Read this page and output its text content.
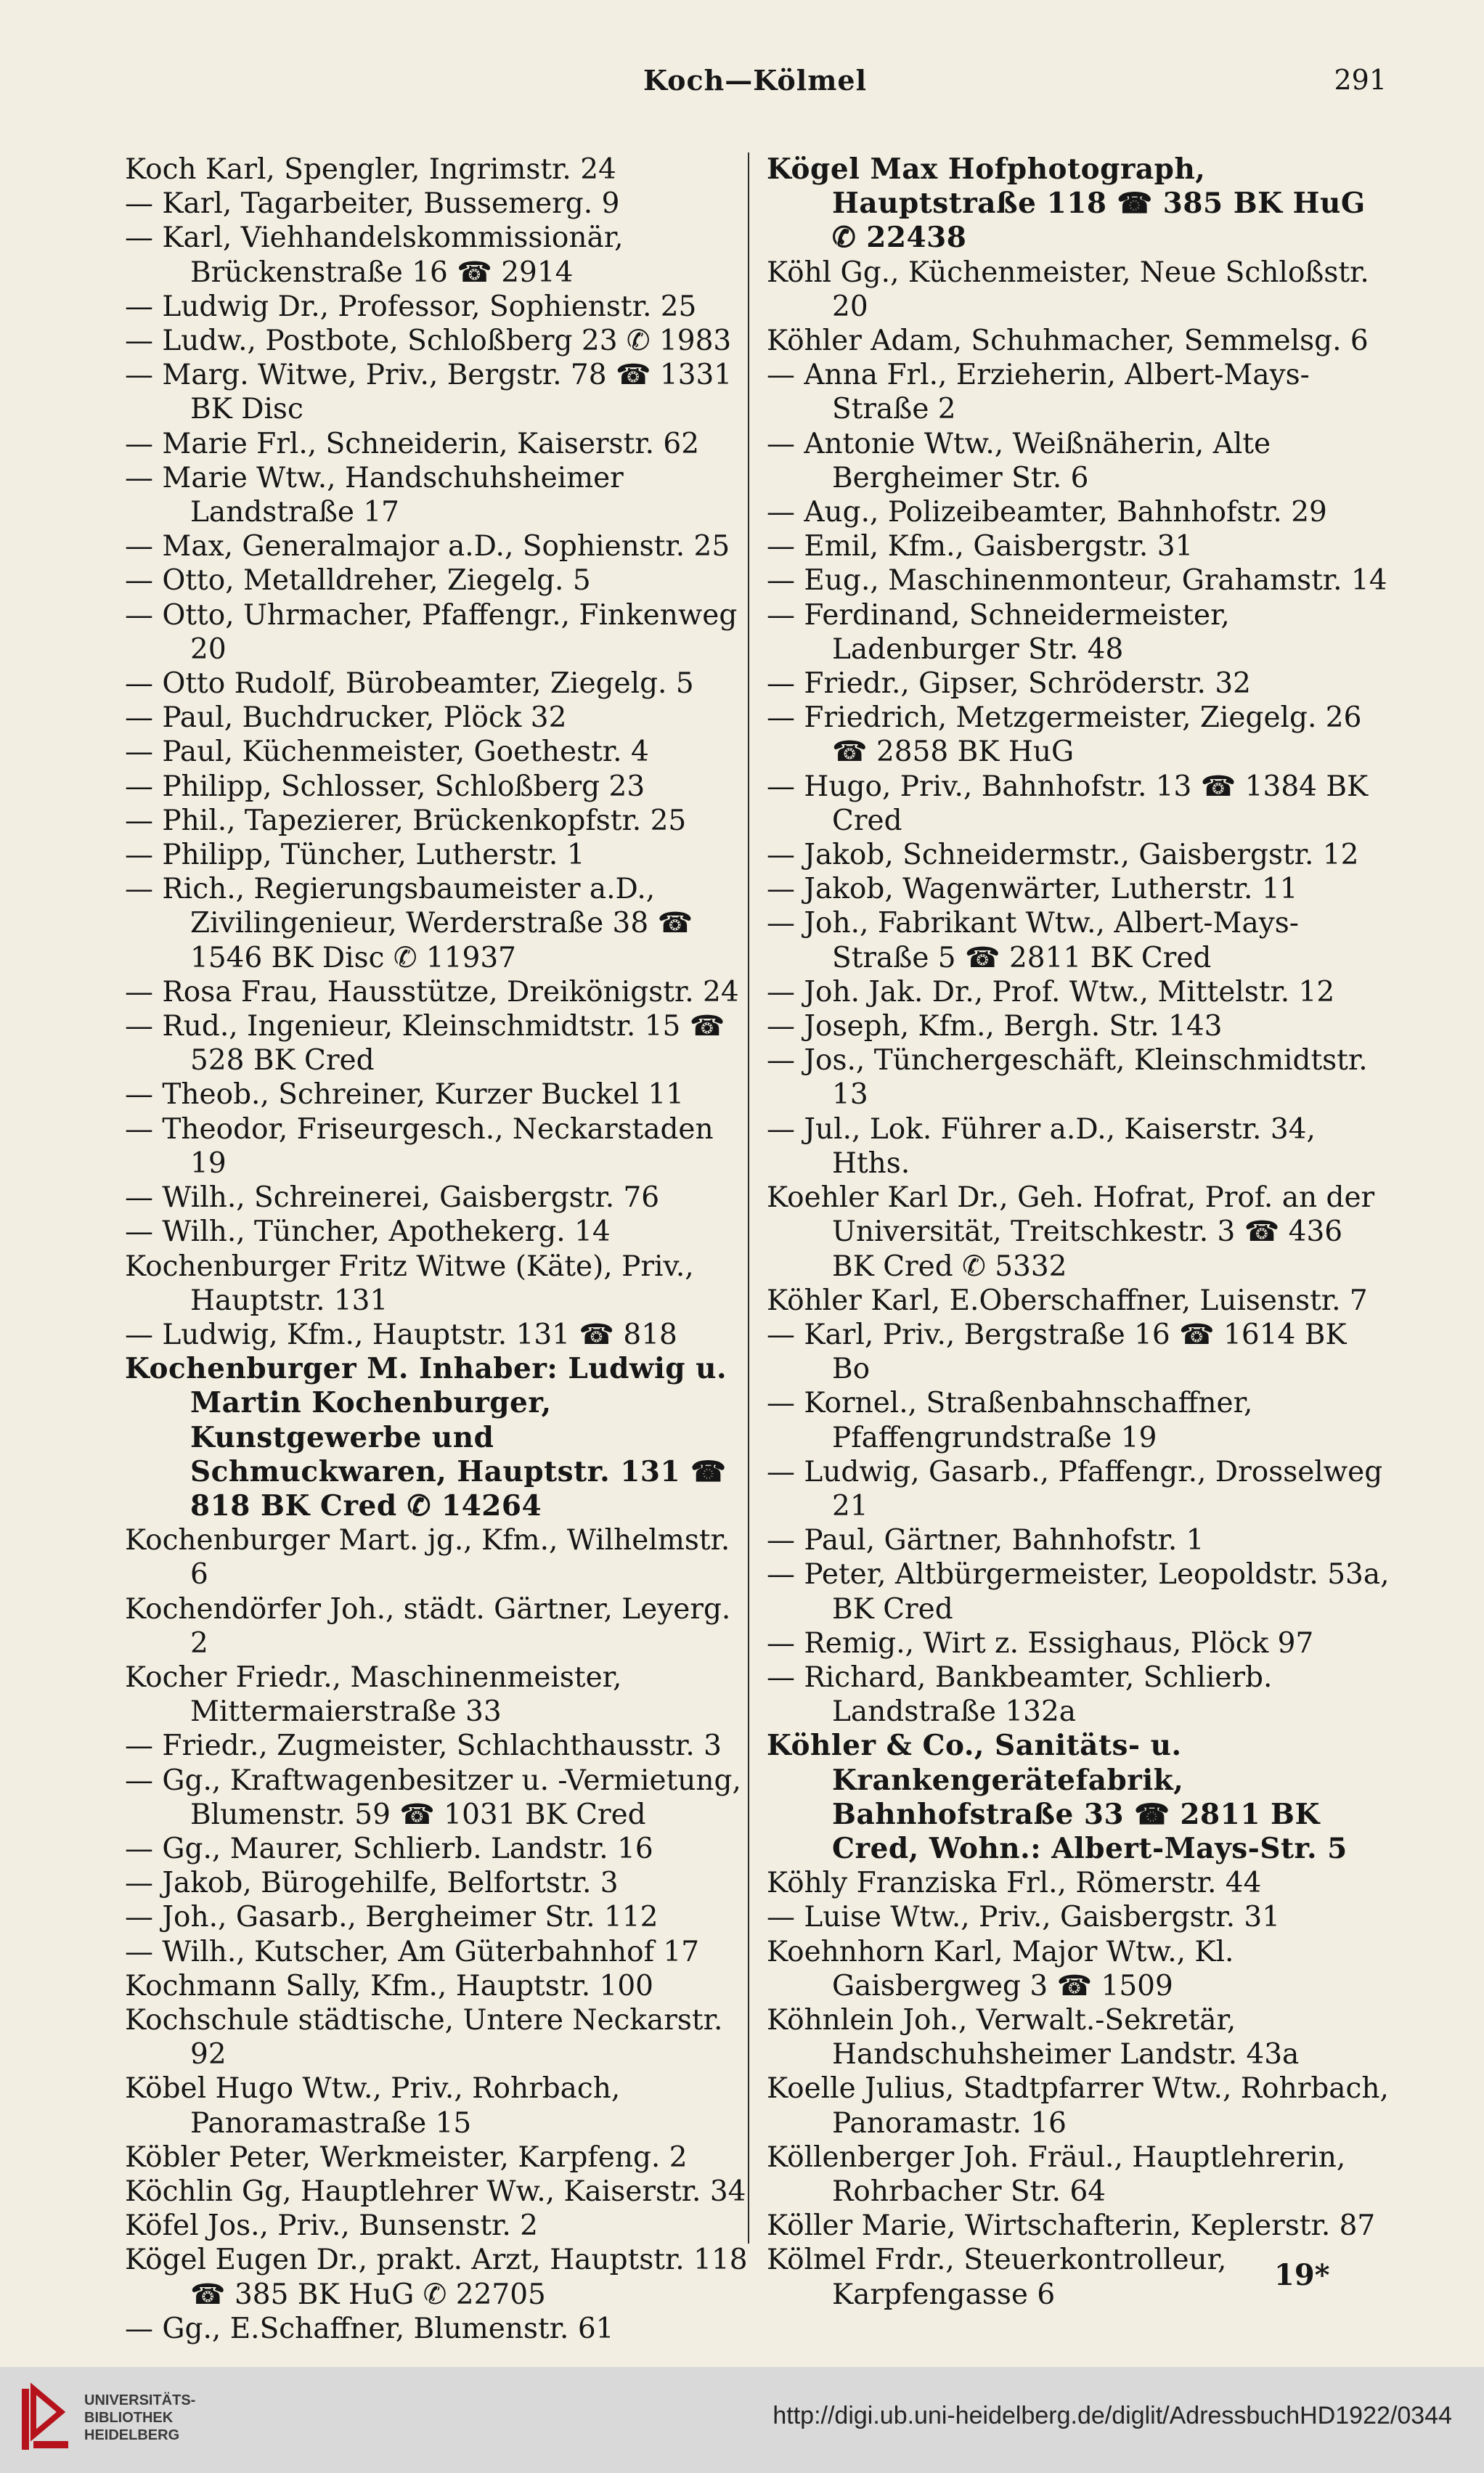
Koch—Kölmel	291

Koch Karl, Spengler, Ingrimstr. 24

— Karl, Tagarbeiter, Bussemerg. 9

— Karl, Viehhandelskommissionär, Brückenstraße 16 ☎ 2914

— Ludwig Dr., Professor, Sophienstr. 25

— Ludw., Postbote, Schloßberg 23 ✆ 1983

— Marg. Witwe, Priv., Bergstr. 78 ☎ 1331 BK Disc

— Marie Frl., Schneiderin, Kaiserstr. 62

— Marie Wtw., Handschuhsheimer Landstraße 17

— Max, Generalmajor a.D., Sophienstr. 25

— Otto, Metalldreher, Ziegelg. 5

— Otto, Uhrmacher, Pfaffengr., Finkenweg 20

— Otto Rudolf, Bürobeamter, Ziegelg. 5

— Paul, Buchdrucker, Plöck 32

— Paul, Küchenmeister, Goethestr. 4

— Philipp, Schlosser, Schloßberg 23

— Phil., Tapezierer, Brückenkopfstr. 25

— Philipp, Tüncher, Lutherstr. 1

— Rich., Regierungsbaumeister a.D., Zivilingenieur, Werderstraße 38 ☎ 1546 BK Disc ✆ 11937

— Rosa Frau, Hausstütze, Dreikönigstr. 24

— Rud., Ingenieur, Kleinschmidtstr. 15 ☎ 528 BK Cred

— Theob., Schreiner, Kurzer Buckel 11

— Theodor, Friseurgesch., Neckarstaden 19

— Wilh., Schreinerei, Gaisbergstr. 76

— Wilh., Tüncher, Apothekerg. 14

Kochenburger Fritz Witwe (Käte), Priv., Hauptstr. 131

— Ludwig, Kfm., Hauptstr. 131 ☎ 818

Kochenburger M. Inhaber: Ludwig u. Martin Kochenburger, Kunstgewerbe und Schmuckwaren, Hauptstr. 131 ☎ 818 BK Cred ✆ 14264

Kochenburger Mart. jg., Kfm., Wilhelmstr. 6

Kochendörfer Joh., städt. Gärtner, Leyerg. 2

Kocher Friedr., Maschinenmeister, Mittermaierstraße 33

— Friedr., Zugmeister, Schlachthausstr. 3

— Gg., Kraftwagenbesitzer u. -Vermietung, Blumenstr. 59 ☎ 1031 BK Cred

— Gg., Maurer, Schlierb. Landstr. 16

— Jakob, Bürogehilfe, Belfortstr. 3

— Joh., Gasarb., Bergheimer Str. 112

— Wilh., Kutscher, Am Güterbahnhof 17

Kochmann Sally, Kfm., Hauptstr. 100

Kochschule städtische, Untere Neckarstr. 92

Köbel Hugo Wtw., Priv., Rohrbach, Panoramastraße 15

Köbler Peter, Werkmeister, Karpfeng. 2

Köchlin Gg, Hauptlehrer Ww., Kaiserstr. 34

Köfel Jos., Priv., Bunsenstr. 2

Kögel Eugen Dr., prakt. Arzt, Hauptstr. 118 ☎ 385 BK HuG ✆ 22705

— Gg., E.Schaffner, Blumenstr. 61

Kögel Max Hofphotograph, Hauptstraße 118 ☎ 385 BK HuG ✆ 22438

Köhl Gg., Küchenmeister, Neue Schloßstr. 20

Köhler Adam, Schuhmacher, Semmelsg. 6

— Anna Frl., Erzieherin, Albert-Mays-Straße 2

— Antonie Wtw., Weißnäherin, Alte Bergheimer Str. 6

— Aug., Polizeibeamter, Bahnhofstr. 29

— Emil, Kfm., Gaisbergstr. 31

— Eug., Maschinenmonteur, Grahamstr. 14

— Ferdinand, Schneidermeister, Ladenburger Str. 48

— Friedr., Gipser, Schröderstr. 32

— Friedrich, Metzgermeister, Ziegelg. 26 ☎ 2858 BK HuG

— Hugo, Priv., Bahnhofstr. 13 ☎ 1384 BK Cred

— Jakob, Schneidermstr., Gaisbergstr. 12

— Jakob, Wagenwärter, Lutherstr. 11

— Joh., Fabrikant Wtw., Albert-Mays-Straße 5 ☎ 2811 BK Cred

— Joh. Jak. Dr., Prof. Wtw., Mittelstr. 12

— Joseph, Kfm., Bergh. Str. 143

— Jos., Tünchergeschäft, Kleinschmidtstr. 13

— Jul., Lok. Führer a.D., Kaiserstr. 34, Hths.

Koehler Karl Dr., Geh. Hofrat, Prof. an der Universität, Treitschkestr. 3 ☎ 436 BK Cred ✆ 5332

Köhler Karl, E.Oberschaffner, Luisenstr. 7

— Karl, Priv., Bergstraße 16 ☎ 1614 BK Bo

— Kornel., Straßenbahnschaffner, Pfaffengrundstraße 19

— Ludwig, Gasarb., Pfaffengr., Drosselweg 21

— Paul, Gärtner, Bahnhofstr. 1

— Peter, Altbürgermeister, Leopoldstr. 53a, BK Cred

— Remig., Wirt z. Essighaus, Plöck 97

— Richard, Bankbeamter, Schlierb. Landstraße 132a

Köhler & Co., Sanitäts- u. Krankengerätefabrik, Bahnhofstraße 33 ☎ 2811 BK Cred, Wohn.: Albert-Mays-Str. 5

Köhly Franziska Frl., Römerstr. 44

— Luise Wtw., Priv., Gaisbergstr. 31

Koehnhorn Karl, Major Wtw., Kl. Gaisbergweg 3 ☎ 1509

Köhnlein Joh., Verwalt.-Sekretär, Handschuhsheimer Landstr. 43a

Koelle Julius, Stadtpfarrer Wtw., Rohrbach, Panoramastr. 16

Köllenberger Joh. Fräul., Hauptlehrerin, Rohrbacher Str. 64

Köller Marie, Wirtschafterin, Keplerstr. 87

Kölmel Frdr., Steuerkontrolleur, Karpfengasse 6

19*
UNIVERSITÄTS-
BIBLIOTHEK
HEIDELBERG
http://digi.ub.uni-heidelberg.de/diglit/AdressbuchHD1922/0344
